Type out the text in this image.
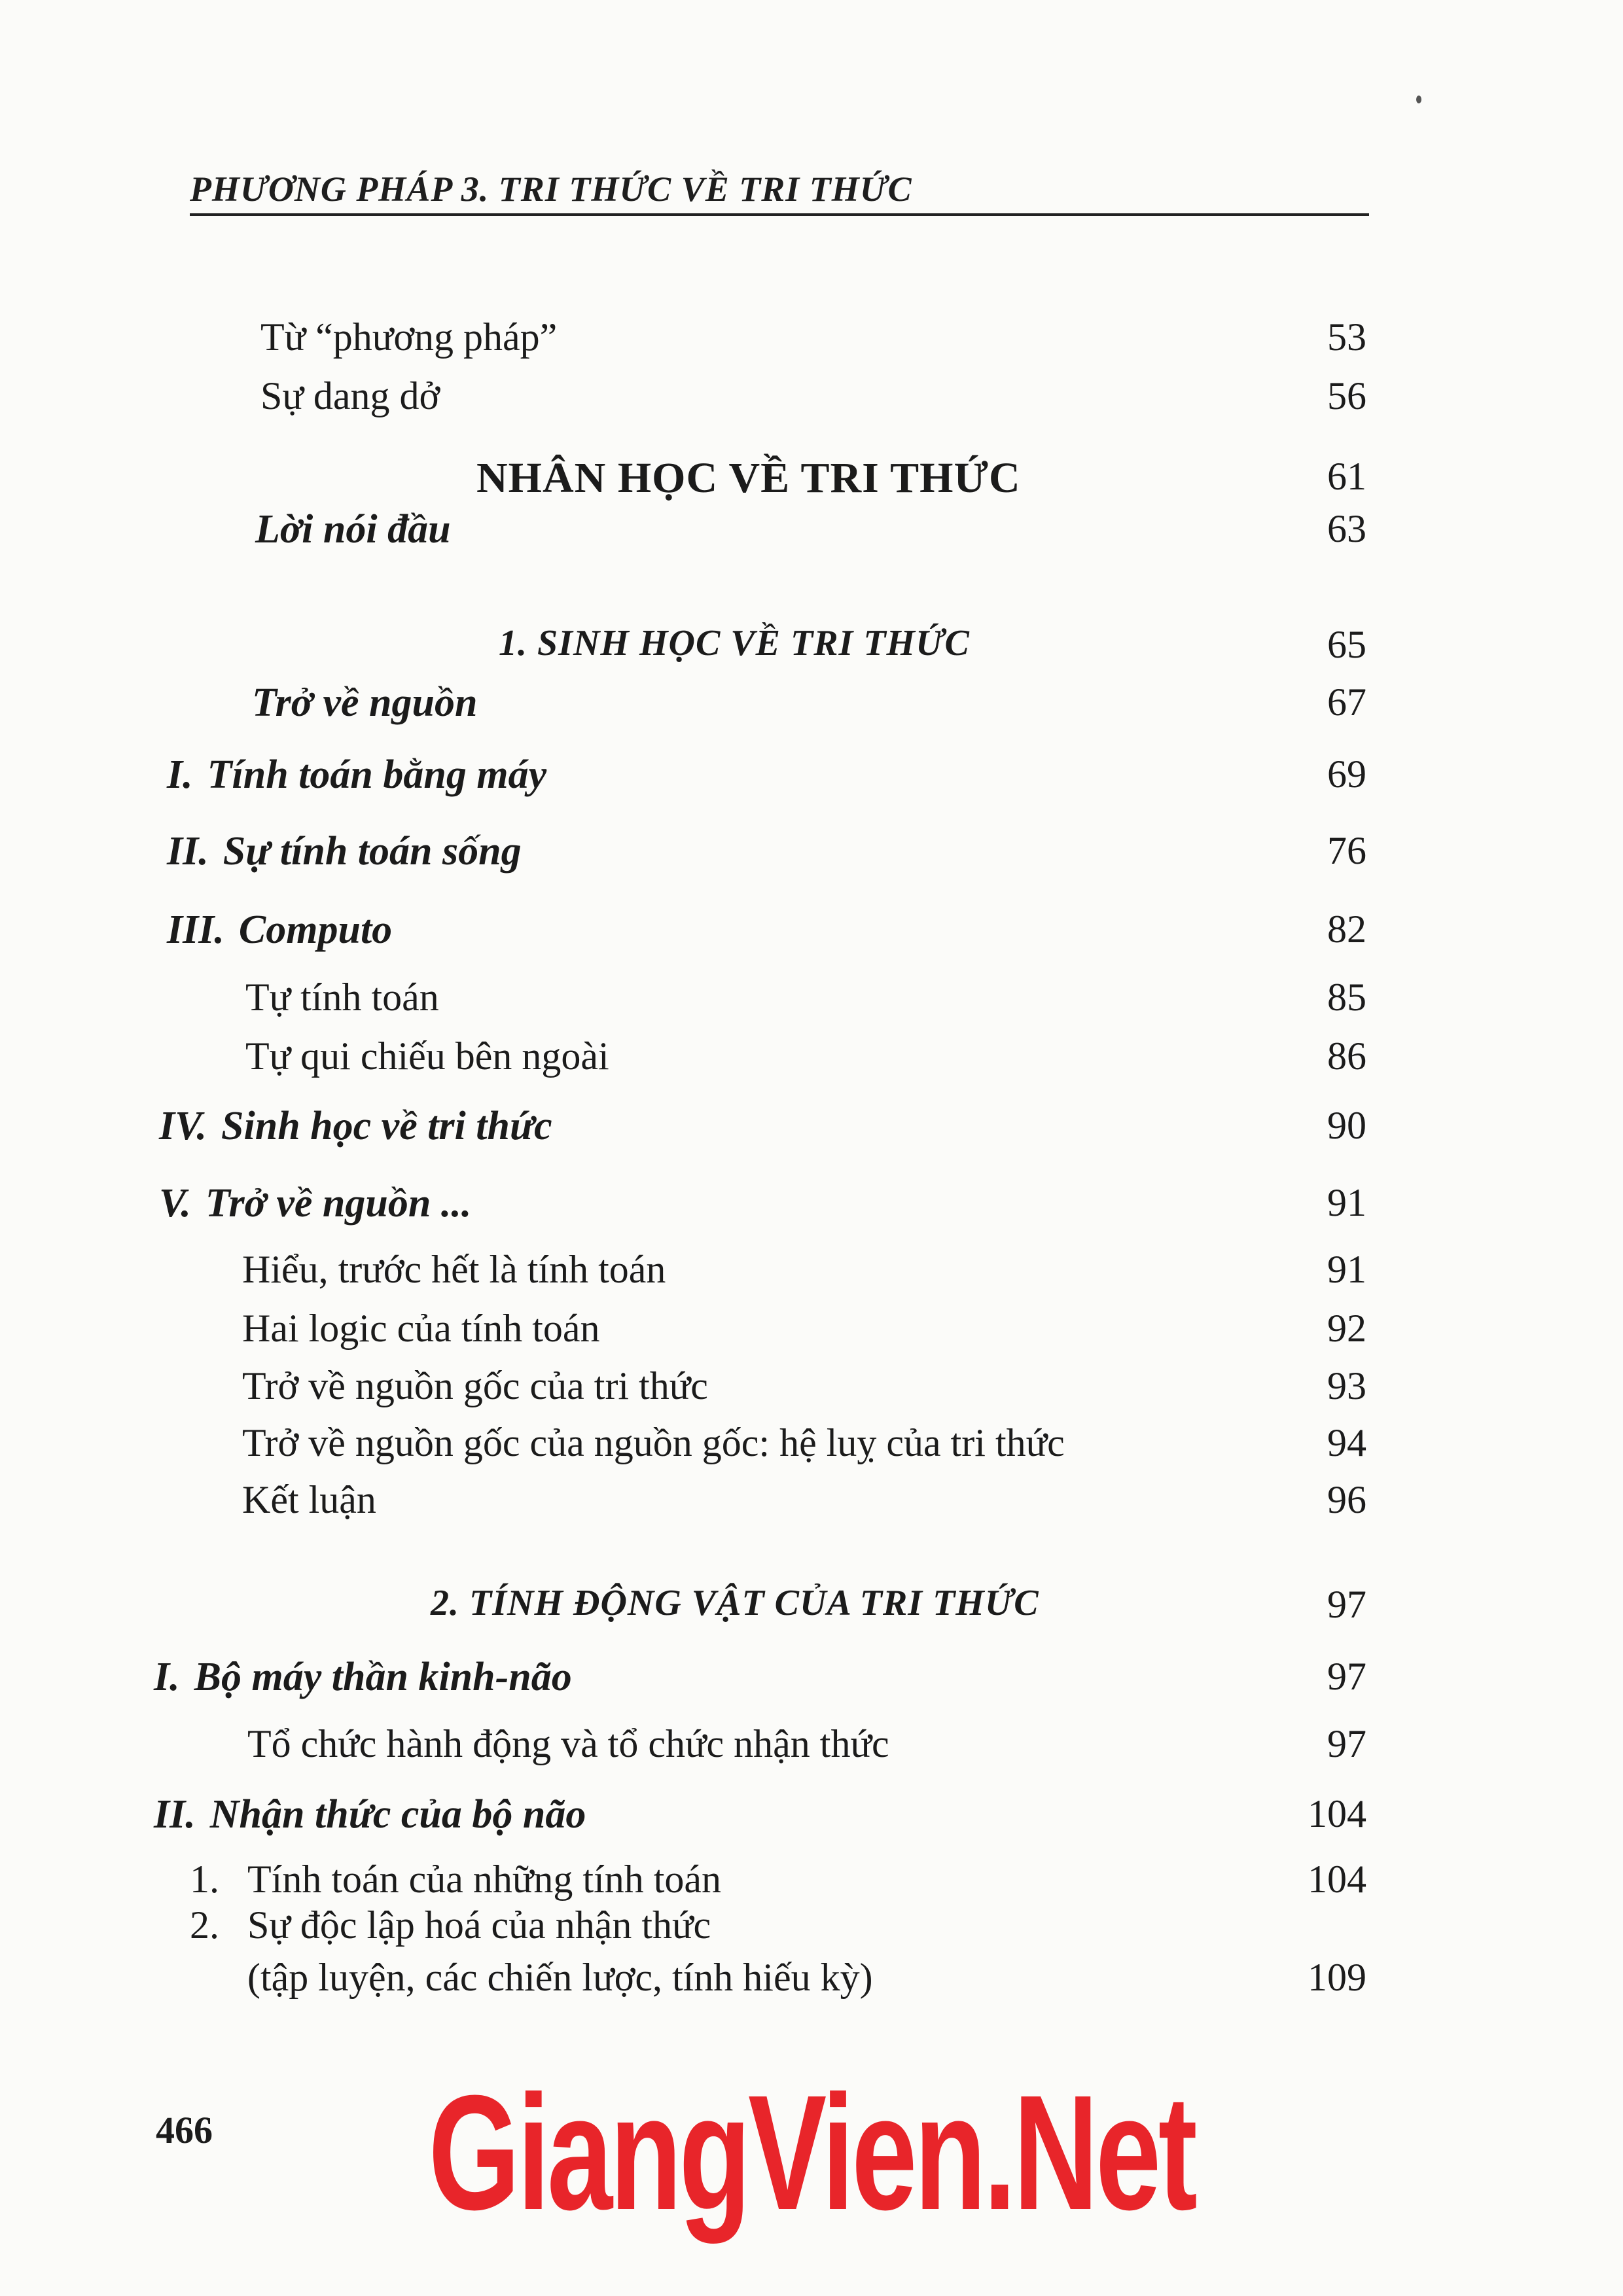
PHƯƠNG PHÁP 3. TRI THỨC VỀ TRI THỨC
Từ “phương pháp”	53
Sự dang dở	56
NHÂN HỌC VỀ TRI THỨC	61
Lời nói đầu	63
1. SINH HỌC VỀ TRI THỨC	65
Trở về nguồn	67
I. Tính toán bằng máy	69
II. Sự tính toán sống	76
III. Computo	82
Tự tính toán	85
Tự qui chiếu bên ngoài	86
IV. Sinh học về tri thức	90
V. Trở về nguồn ...	91
Hiểu, trước hết là tính toán	91
Hai logic của tính toán	92
Trở về nguồn gốc của tri thức	93
Trở về nguồn gốc của nguồn gốc: hệ luỵ của tri thức	94
Kết luận	96
2. TÍNH ĐỘNG VẬT CỦA TRI THỨC	97
I. Bộ máy thần kinh-não	97
Tổ chức hành động và tổ chức nhận thức	97
II. Nhận thức của bộ não	104
1. Tính toán của những tính toán	104
2. Sự độc lập hoá của nhận thức
(tập luyện, các chiến lược, tính hiếu kỳ)	109
466	GiangVien.Net
